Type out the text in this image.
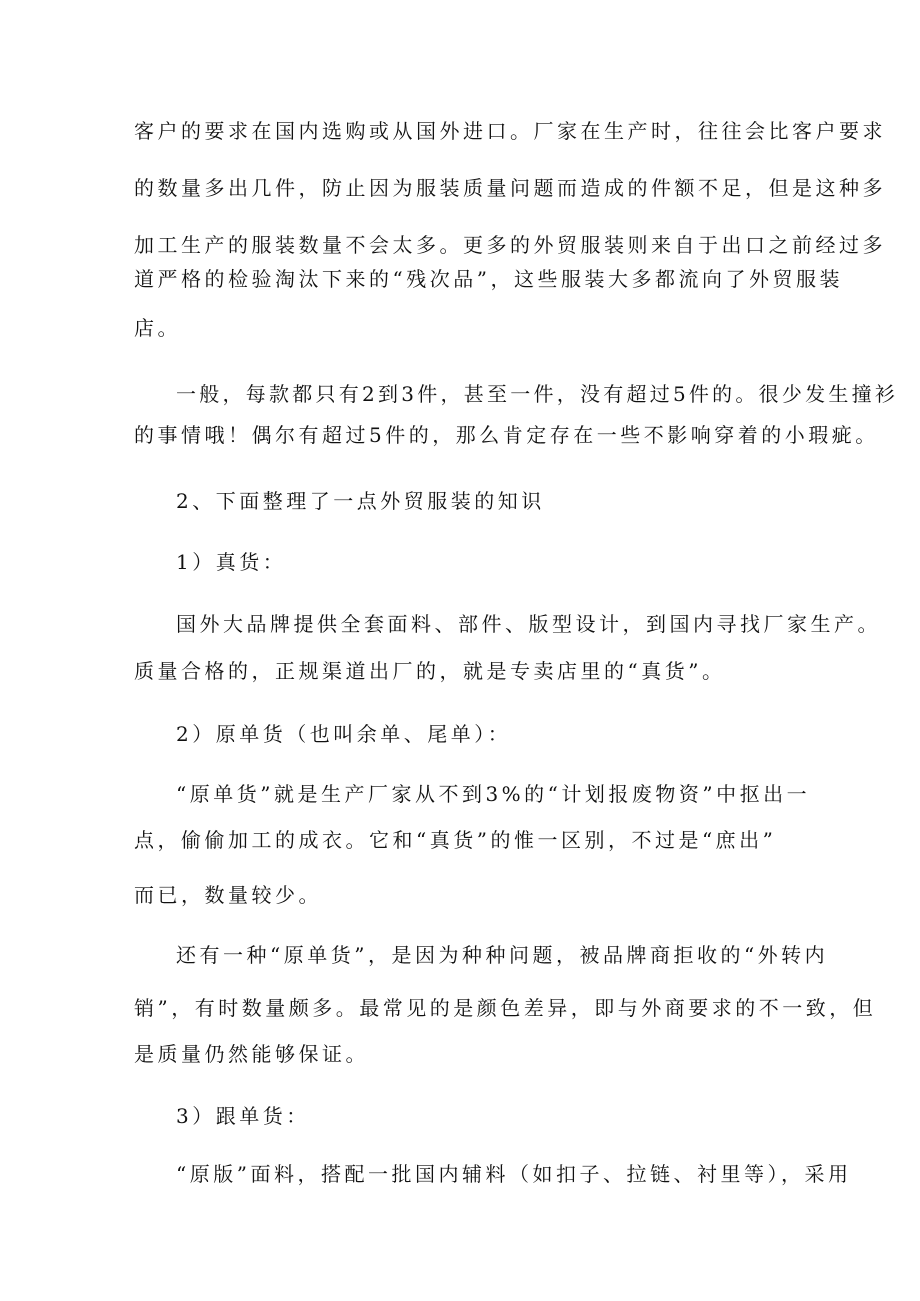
客户的要求在国内选购或从国外进口。厂家在生产时，往往会比客户要求
的数量多出几件，防止因为服装质量问题而造成的件额不足，但是这种多
加工生产的服装数量不会太多。更多的外贸服装则来自于出口之前经过多
道严格的检验淘汰下来的“残次品”，这些服装大多都流向了外贸服装
店。
一般，每款都只有2到3件，甚至一件，没有超过5件的。很少发生撞衫
的事情哦！偶尔有超过5件的，那么肯定存在一些不影响穿着的小瑕疵。
2、下面整理了一点外贸服装的知识
1）真货：
国外大品牌提供全套面料、部件、版型设计，到国内寻找厂家生产。
质量合格的，正规渠道出厂的，就是专卖店里的“真货”。
2）原单货（也叫余单、尾单）：
“原单货”就是生产厂家从不到3%的“计划报废物资”中抠出一
点，偷偷加工的成衣。它和“真货”的惟一区别，不过是“庶出”
而已，数量较少。
还有一种“原单货”，是因为种种问题，被品牌商拒收的“外转内
销”，有时数量颇多。最常见的是颜色差异，即与外商要求的不一致，但
是质量仍然能够保证。
3）跟单货：
“原版”面料，搭配一批国内辅料（如扣子、拉链、衬里等），采用
